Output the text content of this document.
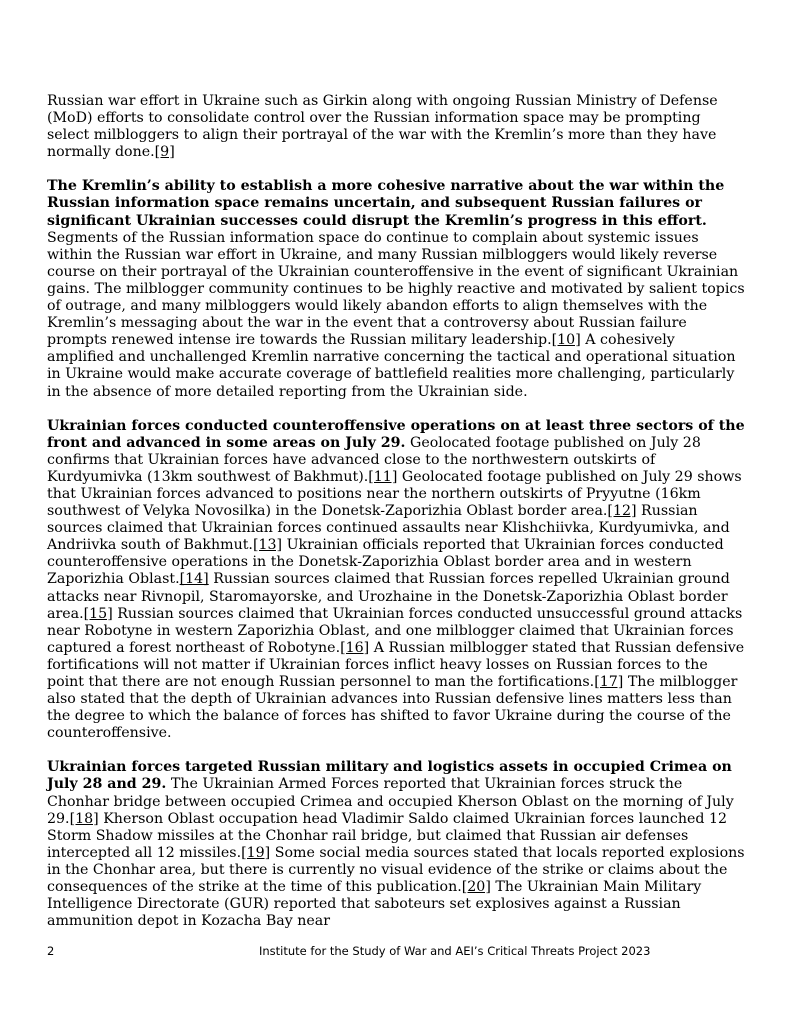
Russian war effort in Ukraine such as Girkin along with ongoing Russian Ministry of Defense (MoD) efforts to consolidate control over the Russian information space may be prompting select milbloggers to align their portrayal of the war with the Kremlin’s more than they have normally done.[9]

The Kremlin’s ability to establish a more cohesive narrative about the war within the Russian information space remains uncertain, and subsequent Russian failures or significant Ukrainian successes could disrupt the Kremlin’s progress in this effort. Segments of the Russian information space do continue to complain about systemic issues within the Russian war effort in Ukraine, and many Russian milbloggers would likely reverse course on their portrayal of the Ukrainian counteroffensive in the event of significant Ukrainian gains. The milblogger community continues to be highly reactive and motivated by salient topics of outrage, and many milbloggers would likely abandon efforts to align themselves with the Kremlin’s messaging about the war in the event that a controversy about Russian failure prompts renewed intense ire towards the Russian military leadership.[10] A cohesively amplified and unchallenged Kremlin narrative concerning the tactical and operational situation in Ukraine would make accurate coverage of battlefield realities more challenging, particularly in the absence of more detailed reporting from the Ukrainian side.

Ukrainian forces conducted counteroffensive operations on at least three sectors of the front and advanced in some areas on July 29. Geolocated footage published on July 28 confirms that Ukrainian forces have advanced close to the northwestern outskirts of Kurdyumivka (13km southwest of Bakhmut).[11] Geolocated footage published on July 29 shows that Ukrainian forces advanced to positions near the northern outskirts of Pryyutne (16km southwest of Velyka Novosilka) in the Donetsk-Zaporizhia Oblast border area.[12] Russian sources claimed that Ukrainian forces continued assaults near Klishchiivka, Kurdyumivka, and Andriivka south of Bakhmut.[13] Ukrainian officials reported that Ukrainian forces conducted counteroffensive operations in the Donetsk-Zaporizhia Oblast border area and in western Zaporizhia Oblast.[14] Russian sources claimed that Russian forces repelled Ukrainian ground attacks near Rivnopil, Staromayorske, and Urozhaine in the Donetsk-Zaporizhia Oblast border area.[15] Russian sources claimed that Ukrainian forces conducted unsuccessful ground attacks near Robotyne in western Zaporizhia Oblast, and one milblogger claimed that Ukrainian forces captured a forest northeast of Robotyne.[16] A Russian milblogger stated that Russian defensive fortifications will not matter if Ukrainian forces inflict heavy losses on Russian forces to the point that there are not enough Russian personnel to man the fortifications.[17] The milblogger also stated that the depth of Ukrainian advances into Russian defensive lines matters less than the degree to which the balance of forces has shifted to favor Ukraine during the course of the counteroffensive.

Ukrainian forces targeted Russian military and logistics assets in occupied Crimea on July 28 and 29. The Ukrainian Armed Forces reported that Ukrainian forces struck the Chonhar bridge between occupied Crimea and occupied Kherson Oblast on the morning of July 29.[18] Kherson Oblast occupation head Vladimir Saldo claimed Ukrainian forces launched 12 Storm Shadow missiles at the Chonhar rail bridge, but claimed that Russian air defenses intercepted all 12 missiles.[19] Some social media sources stated that locals reported explosions in the Chonhar area, but there is currently no visual evidence of the strike or claims about the consequences of the strike at the time of this publication.[20] The Ukrainian Main Military Intelligence Directorate (GUR) reported that saboteurs set explosives against a Russian ammunition depot in Kozacha Bay near

2	Institute for the Study of War and AEI’s Critical Threats Project 2023
